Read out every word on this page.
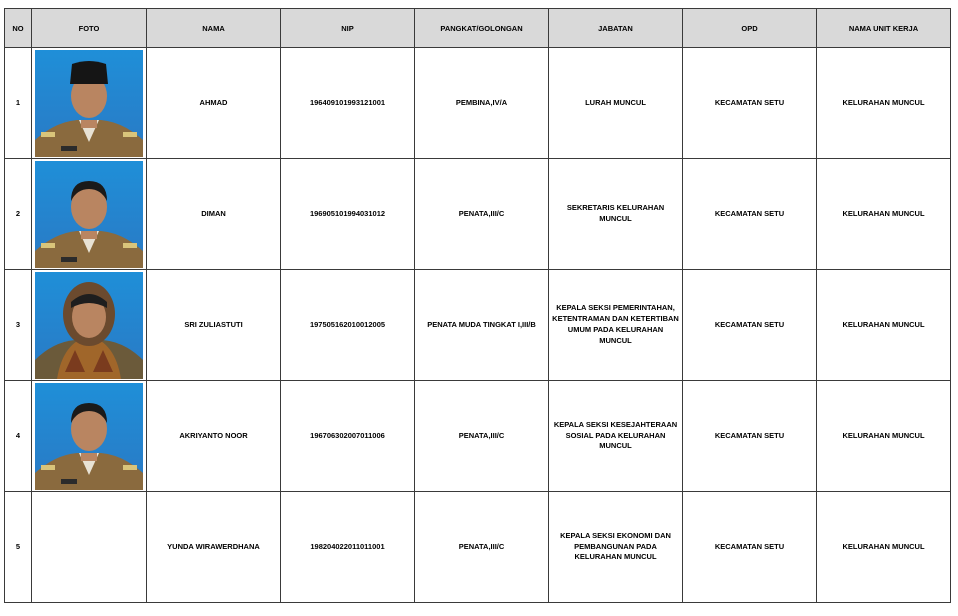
NO	FOTO	NAMA	NIP	PANGKAT/GOLONGAN	JABATAN	OPD	NAMA UNIT KERJA
1		AHMAD	196409101993121001	PEMBINA,IV/A	LURAH MUNCUL	KECAMATAN SETU	KELURAHAN MUNCUL
2		DIMAN	196905101994031012	PENATA,III/C	SEKRETARIS KELURAHAN MUNCUL	KECAMATAN SETU	KELURAHAN MUNCUL
3		SRI ZULIASTUTI	197505162010012005	PENATA MUDA TINGKAT I,III/B	KEPALA SEKSI PEMERINTAHAN, KETENTRAMAN DAN KETERTIBAN UMUM PADA KELURAHAN MUNCUL	KECAMATAN SETU	KELURAHAN MUNCUL
4		AKRIYANTO NOOR	196706302007011006	PENATA,III/C	KEPALA SEKSI KESEJAHTERAAN SOSIAL PADA KELURAHAN MUNCUL	KECAMATAN SETU	KELURAHAN MUNCUL
5		YUNDA WIRAWERDHANA	198204022011011001	PENATA,III/C	KEPALA SEKSI EKONOMI DAN PEMBANGUNAN PADA KELURAHAN MUNCUL	KECAMATAN SETU	KELURAHAN MUNCUL
